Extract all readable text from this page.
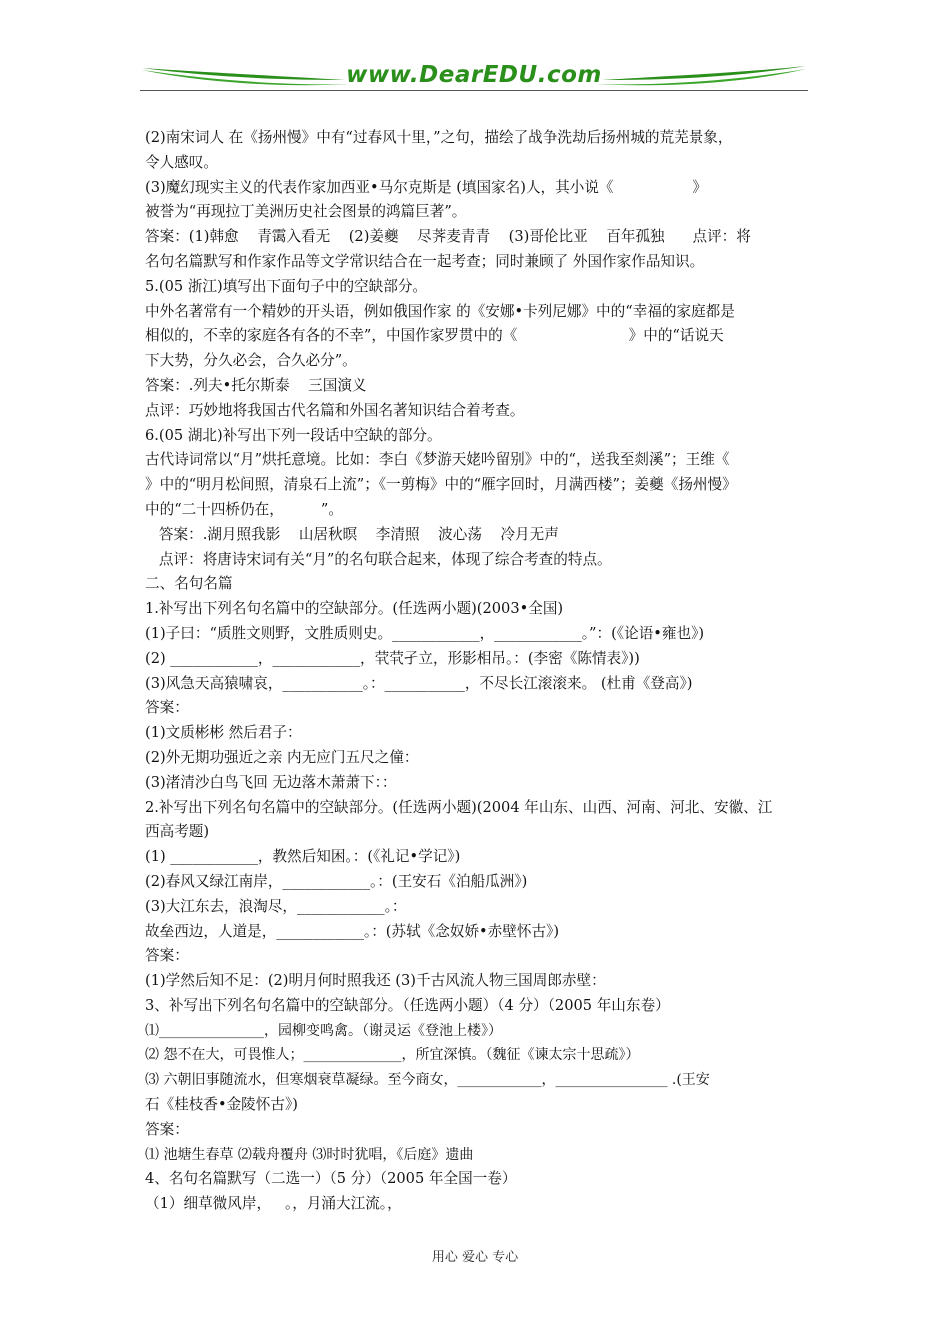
www.DearEDU.com
(2)南宋词人 在《扬州慢》中有“过春风十里，”之句，描绘了战争洗劫后扬州城的荒芜景象，
令人感叹。
(3)魔幻现实主义的代表作家加西亚•马尔克斯是 (填国家名)人，其小说《                 》
被誉为“再现拉丁美洲历史社会图景的鸿篇巨著”。
答案：(1)韩愈    青霭入看无    (2)姜夔    尽荠麦青青    (3)哥伦比亚    百年孤独      点评：将
名句名篇默写和作家作品等文学常识结合在一起考查；同时兼顾了 外国作家作品知识。
5.(05 浙江)填写出下面句子中的空缺部分。
中外名著常有一个精妙的开头语，例如俄国作家 的《安娜•卡列尼娜》中的“幸福的家庭都是
相似的，不幸的家庭各有各的不幸”，中国作家罗贯中的《                        》中的“话说天
下大势，分久必会，合久必分”。
答案：.列夫•托尔斯泰    三国演义
点评：巧妙地将我国古代名篇和外国名著知识结合着考查。
6.(05 湖北)补写出下列一段话中空缺的部分。
古代诗词常以“月”烘托意境。比如：李白《梦游天姥吟留别》中的“，送我至剡溪”；王维《
》中的“明月松间照，清泉石上流”；《一剪梅》中的“雁字回时，月满西楼”；姜夔《扬州慢》
中的“二十四桥仍在，        ”。
答案：.湖月照我影    山居秋暝    李清照    波心荡    冷月无声
点评：将唐诗宋词有关“月”的名句联合起来，体现了综合考查的特点。
二、名句名篇
1.补写出下列名句名篇中的空缺部分。(任选两小题)(2003•全国)
(1)子曰：“质胜文则野，文胜质则史。____________，____________。”：(《论语•雍也》)
(2) ____________，____________，茕茕孑立，形影相吊。：(李密《陈情表》))
(3)风急天高猿啸哀，___________。：___________，不尽长江滚滚来。 (杜甫《登高》)
答案：
(1)文质彬彬 然后君子：
(2)外无期功强近之亲 内无应门五尺之僮：
(3)渚清沙白鸟飞回 无边落木萧萧下：：
2.补写出下列名句名篇中的空缺部分。(任选两小题)(2004 年山东、山西、河南、河北、安徽、江
西高考题)
(1) ____________，教然后知困。：(《礼记•学记》)
(2)春风又绿江南岸，____________。：(王安石《泊船瓜洲》)
(3)大江东去，浪淘尽，____________。：
故垒西边，人道是，____________。：(苏轼《念奴娇•赤壁怀古》)
答案：
(1)学然后知不足：(2)明月何时照我还 (3)千古风流人物三国周郎赤壁：
3、补写出下列名句名篇中的空缺部分。（任选两小题）（4 分）（2005 年山东卷）
⑴_______________，园柳变鸣禽。（谢灵运《登池上楼》）
⑵ 怨不在大，可畏惟人；______________，所宜深慎。（魏征《谏太宗十思疏》）
⑶ 六朝旧事随流水，但寒烟衰草凝绿。至今商女，____________，________________ .(王安
石《桂枝香•金陵怀古》)
答案：
⑴ 池塘生春草 ⑵载舟覆舟 ⑶时时犹唱，《后庭》遗曲
4、名句名篇默写（二选一）（5 分）（2005 年全国一卷）
（1）细草微风岸，   。，月涌大江流。，
用心 爱心 专心
